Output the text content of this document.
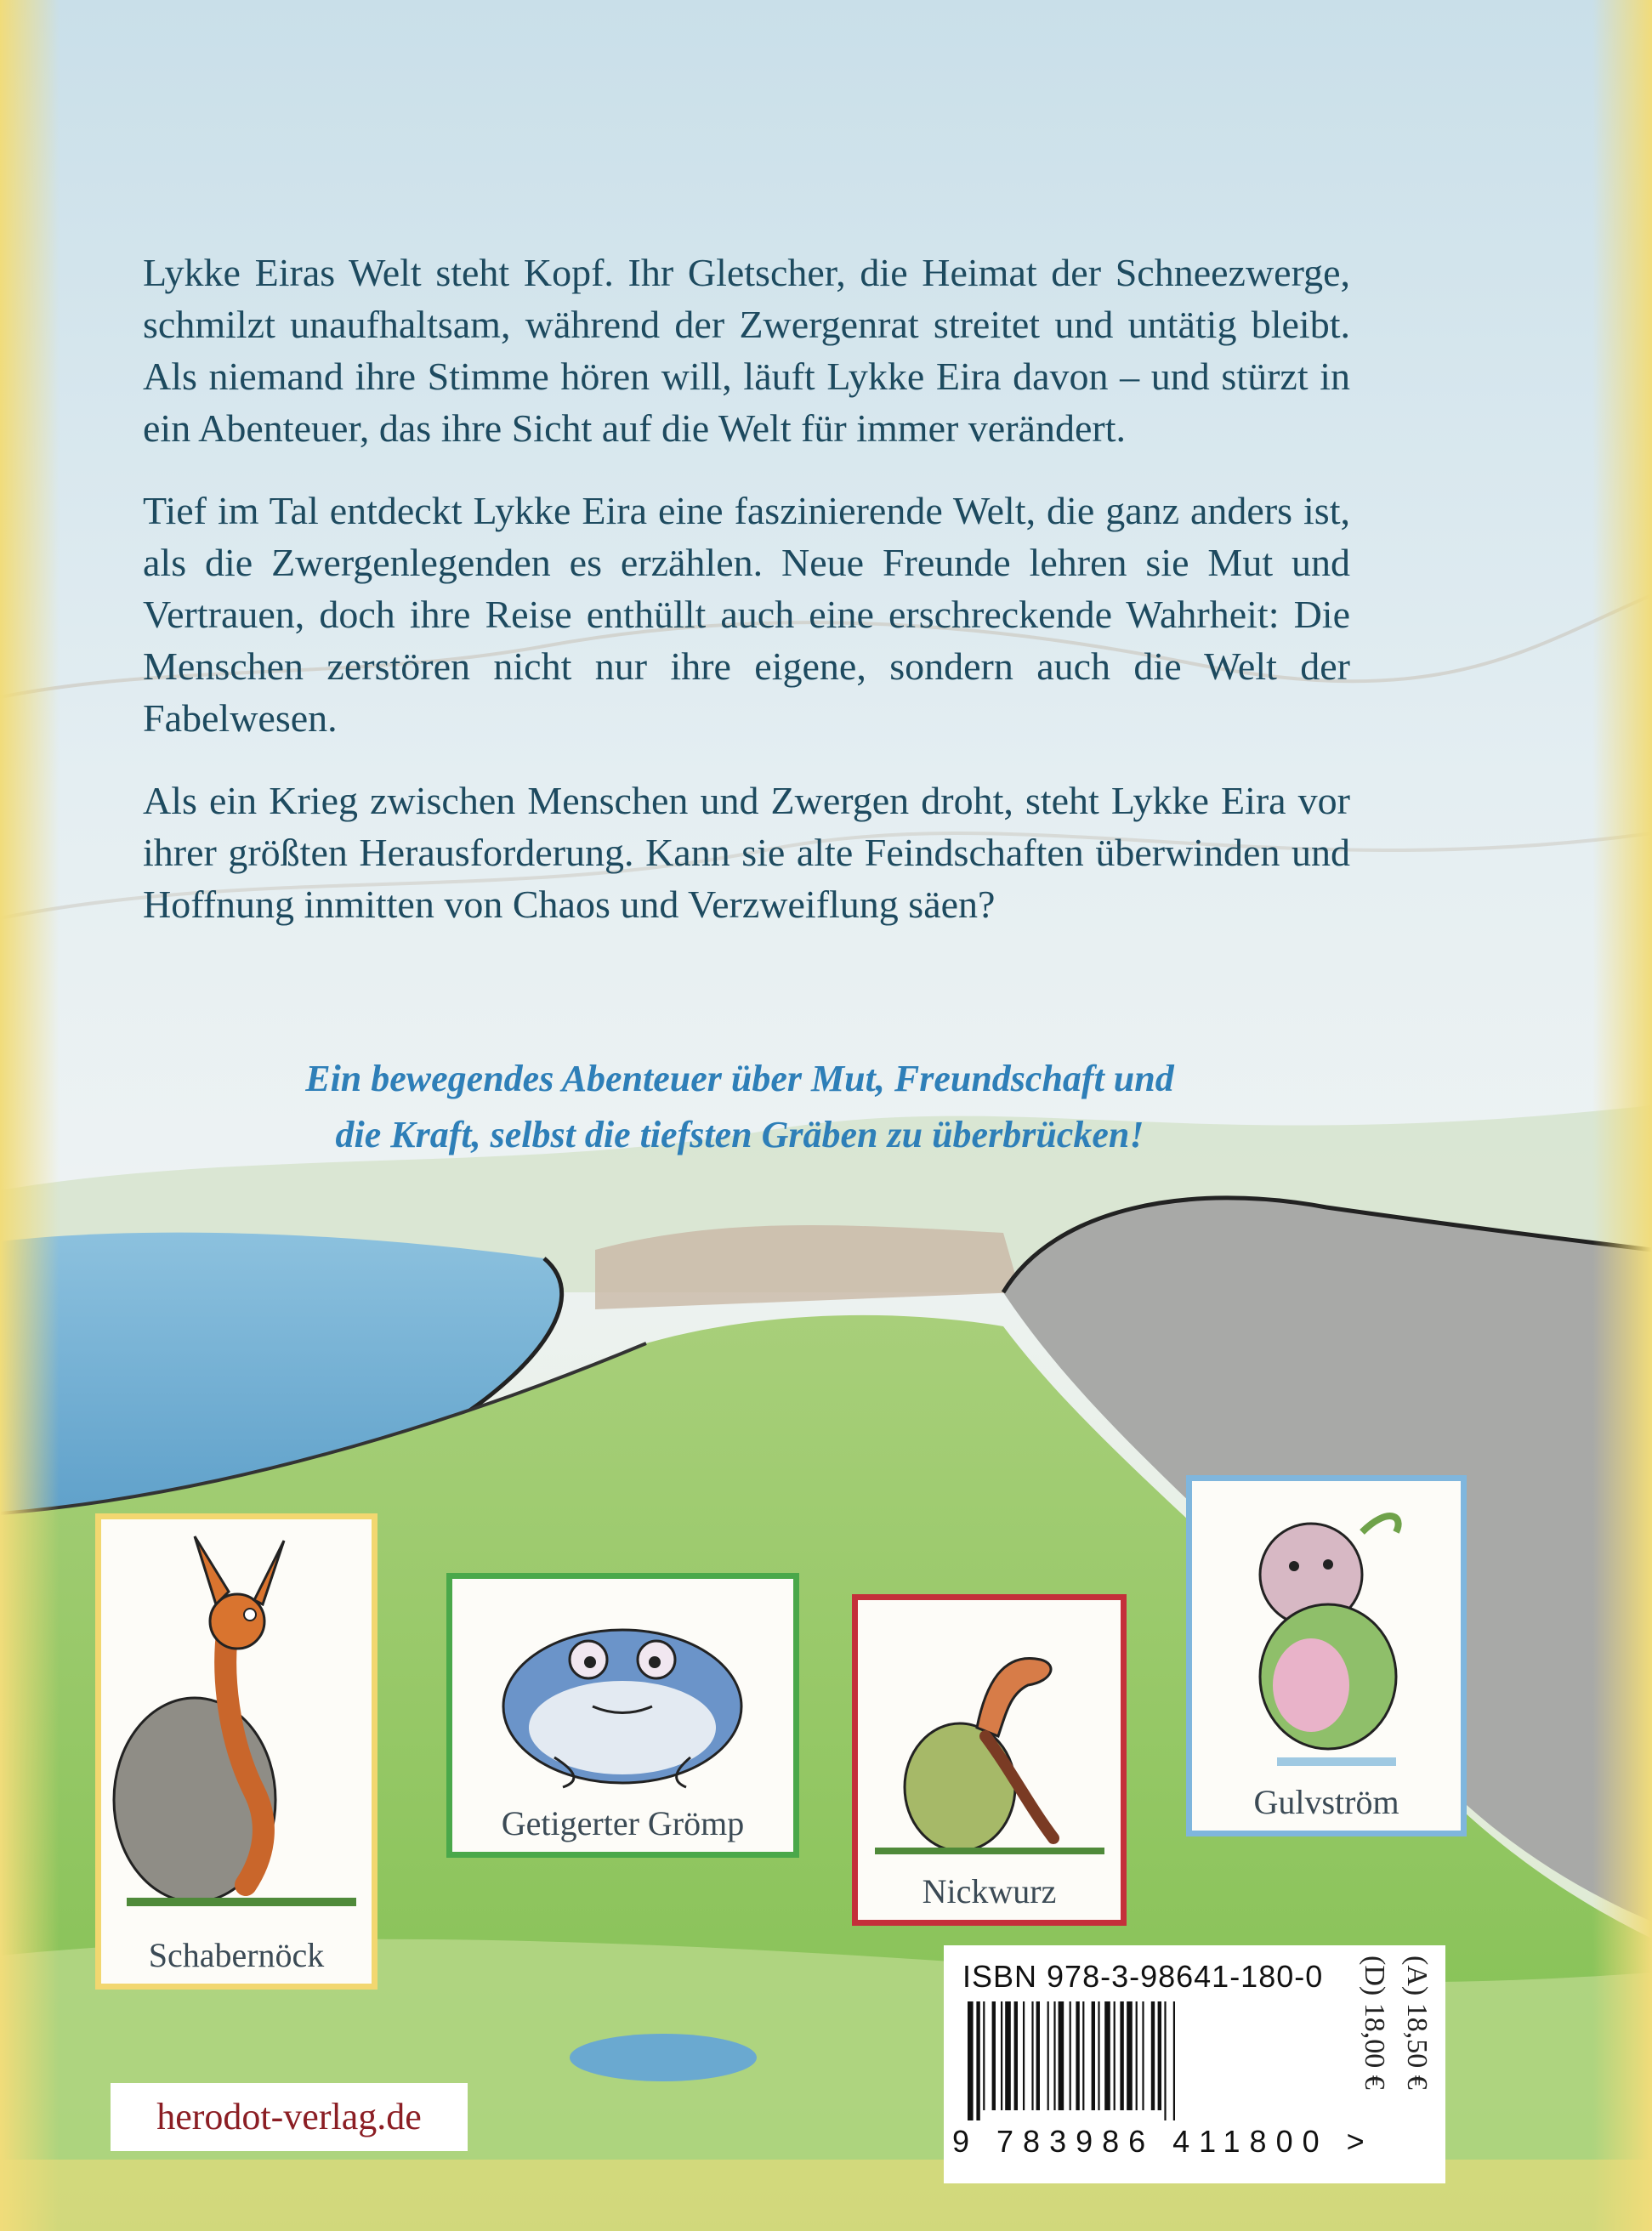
Lykke Eiras Welt steht Kopf. Ihr Gletscher, die Heimat der Schneezwerge, schmilzt unaufhaltsam, während der Zwergenrat streitet und untätig bleibt. Als niemand ihre Stimme hören will, läuft Lykke Eira davon – und stürzt in ein Abenteuer, das ihre Sicht auf die Welt für immer verändert.

Tief im Tal entdeckt Lykke Eira eine faszinierende Welt, die ganz anders ist, als die Zwergenlegenden es erzählen. Neue Freunde lehren sie Mut und Vertrauen, doch ihre Reise enthüllt auch eine erschreckende Wahrheit: Die Menschen zerstören nicht nur ihre eigene, sondern auch die Welt der Fabelwesen.

Als ein Krieg zwischen Menschen und Zwergen droht, steht Lykke Eira vor ihrer größten Herausforderung. Kann sie alte Feindschaften überwinden und Hoffnung inmitten von Chaos und Verzweiflung säen?

Ein bewegendes Abenteuer über Mut, Freundschaft und
die Kraft, selbst die tiefsten Gräben zu überbrücken!
Schabernöck
Getigerter Grömp
Nickwurz
Gulvström
ISBN 978-3-98641-180-0
9 783986 411800 >
(D) 18,00 € (A) 18,50 €
herodot-verlag.de
